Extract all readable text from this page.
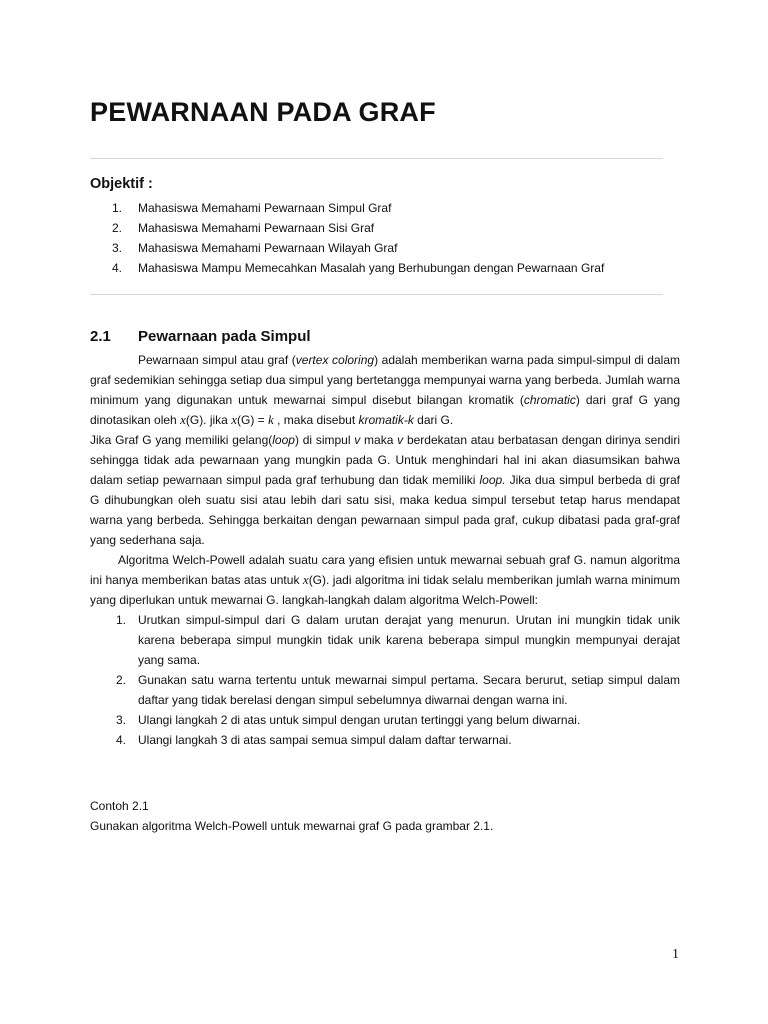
PEWARNAAN PADA GRAF
Objektif :
1. Mahasiswa Memahami Pewarnaan Simpul Graf
2. Mahasiswa Memahami Pewarnaan Sisi Graf
3. Mahasiswa Memahami Pewarnaan Wilayah Graf
4. Mahasiswa Mampu Memecahkan Masalah yang Berhubungan dengan Pewarnaan Graf
2.1 Pewarnaan pada Simpul

Pewarnaan simpul atau graf (vertex coloring) adalah memberikan warna pada simpul-simpul di dalam graf sedemikian sehingga setiap dua simpul yang bertetangga mempunyai warna yang berbeda. Jumlah warna minimum yang digunakan untuk mewarnai simpul disebut bilangan kromatik (chromatic) dari graf G yang dinotasikan oleh x(G). jika x(G) = k , maka disebut kromatik-k dari G.

Jika Graf G yang memiliki gelang(loop) di simpul v maka v berdekatan atau berbatasan dengan dirinya sendiri sehingga tidak ada pewarnaan yang mungkin pada G. Untuk menghindari hal ini akan diasumsikan bahwa dalam setiap pewarnaan simpul pada graf terhubung dan tidak memiliki loop. Jika dua simpul berbeda di graf G dihubungkan oleh suatu sisi atau lebih dari satu sisi, maka kedua simpul tersebut tetap harus mendapat warna yang berbeda. Sehingga berkaitan dengan pewarnaan simpul pada graf, cukup dibatasi pada graf-graf yang sederhana saja.

Algoritma Welch-Powell adalah suatu cara yang efisien untuk mewarnai sebuah graf G. namun algoritma ini hanya memberikan batas atas untuk x(G). jadi algoritma ini tidak selalu memberikan jumlah warna minimum yang diperlukan untuk mewarnai G. langkah-langkah dalam algoritma Welch-Powell:

1. Urutkan simpul-simpul dari G dalam urutan derajat yang menurun. Urutan ini mungkin tidak unik karena beberapa simpul mungkin tidak unik karena beberapa simpul mungkin mempunyai derajat yang sama.
2. Gunakan satu warna tertentu untuk mewarnai simpul pertama. Secara berurut, setiap simpul dalam daftar yang tidak berelasi dengan simpul sebelumnya diwarnai dengan warna ini.
3. Ulangi langkah 2 di atas untuk simpul dengan urutan tertinggi yang belum diwarnai.
4. Ulangi langkah 3 di atas sampai semua simpul dalam daftar terwarnai.
Contoh 2.1
Gunakan algoritma Welch-Powell untuk mewarnai graf G pada grambar 2.1.
1
